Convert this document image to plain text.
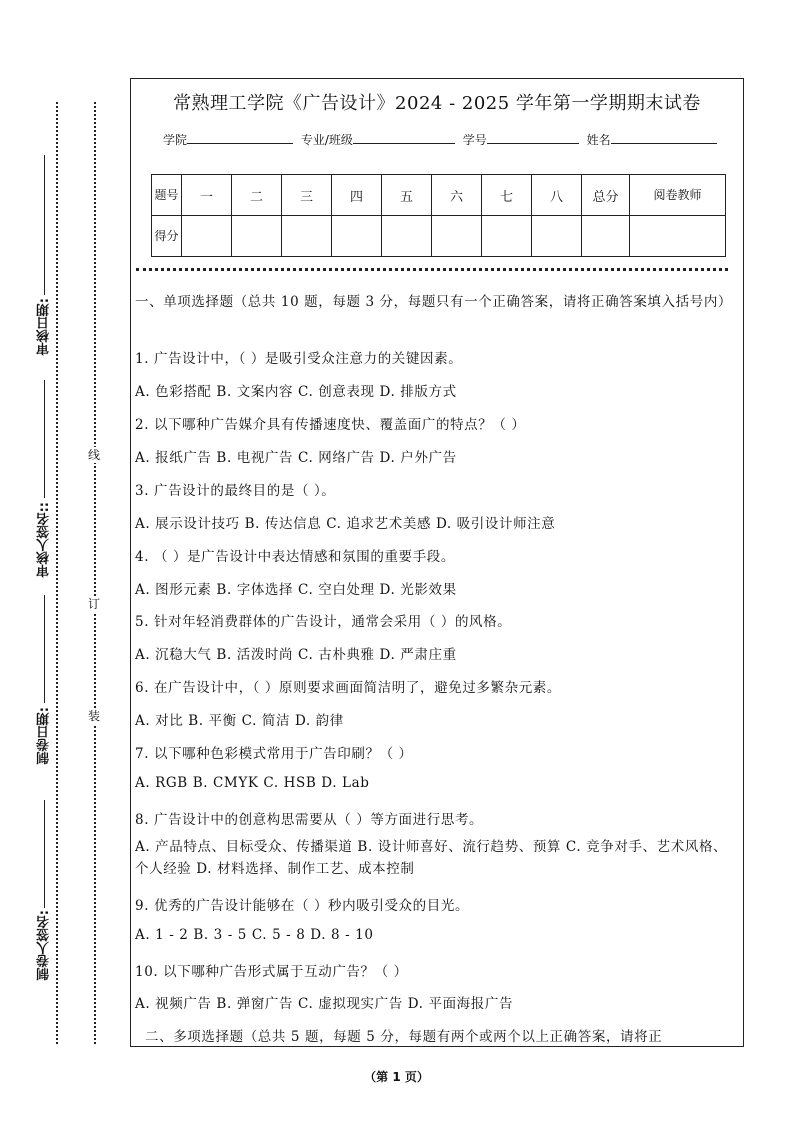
审核日期:
审核人签名::
制卷日期:
制卷人签名:
线
订
装
常熟理工学院《广告设计》2024 - 2025 学年第一学期期末试卷
学院	专业/班级	学号	姓名
题号	一	二	三	四	五	六	七	八	总分	阅卷教师
得分										
一、单项选择题（总共 10 题，每题 3 分，每题只有一个正确答案，请将正确答案填入括号内）
1. 广告设计中，（ ）是吸引受众注意力的关键因素。
A. 色彩搭配 B. 文案内容 C. 创意表现 D. 排版方式
2. 以下哪种广告媒介具有传播速度快、覆盖面广的特点？（ ）
A. 报纸广告 B. 电视广告 C. 网络广告 D. 户外广告
3. 广告设计的最终目的是（ ）。
A. 展示设计技巧 B. 传达信息 C. 追求艺术美感 D. 吸引设计师注意
4. （ ）是广告设计中表达情感和氛围的重要手段。
A. 图形元素 B. 字体选择 C. 空白处理 D. 光影效果
5. 针对年轻消费群体的广告设计，通常会采用（ ）的风格。
A. 沉稳大气 B. 活泼时尚 C. 古朴典雅 D. 严肃庄重
6. 在广告设计中，（ ）原则要求画面简洁明了，避免过多繁杂元素。
A. 对比 B. 平衡 C. 简洁 D. 韵律
7. 以下哪种色彩模式常用于广告印刷？（ ）
A. RGB B. CMYK C. HSB D. Lab
8. 广告设计中的创意构思需要从（ ）等方面进行思考。
A. 产品特点、目标受众、传播渠道 B. 设计师喜好、流行趋势、预算 C. 竞争对手、艺术风格、个人经验 D. 材料选择、制作工艺、成本控制
9. 优秀的广告设计能够在（ ）秒内吸引受众的目光。
A. 1 - 2 B. 3 - 5 C. 5 - 8 D. 8 - 10
10. 以下哪种广告形式属于互动广告？（ ）
A. 视频广告 B. 弹窗广告 C. 虚拟现实广告 D. 平面海报广告
二、多项选择题（总共 5 题，每题 5 分，每题有两个或两个以上正确答案，请将正
（第 1 页）
